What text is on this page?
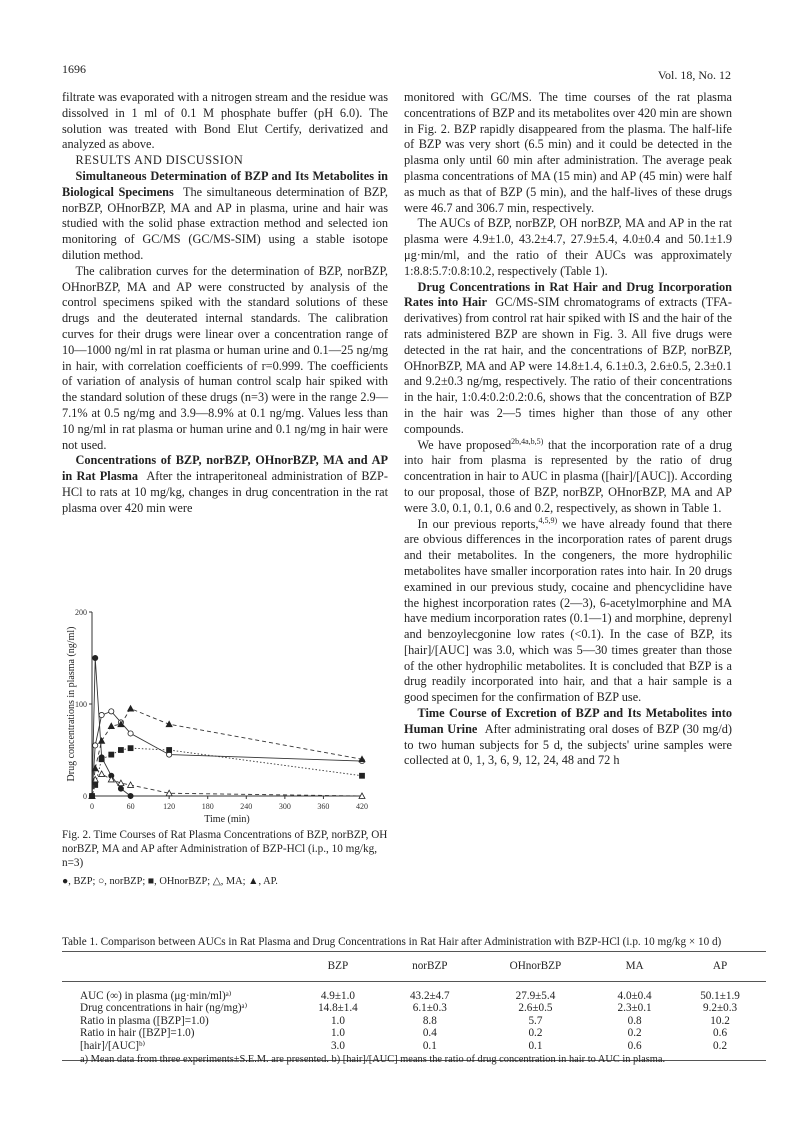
1696	Vol. 18, No. 12

filtrate was evaporated with a nitrogen stream and the residue was dissolved in 1 ml of 0.1 M phosphate buffer (pH 6.0). The solution was treated with Bond Elut Certify, derivatized and analyzed as above.

RESULTS AND DISCUSSION

Simultaneous Determination of BZP and Its Metabolites in Biological Specimens The simultaneous determination of BZP, norBZP, OHnorBZP, MA and AP in plasma, urine and hair was studied with the solid phase extraction method and selected ion monitoring of GC/MS (GC/MS-SIM) using a stable isotope dilution method.

The calibration curves for the determination of BZP, norBZP, OHnorBZP, MA and AP were constructed by analysis of the control specimens spiked with the standard solutions of these drugs and the deuterated internal standards. The calibration curves for their drugs were linear over a concentration range of 10—1000 ng/ml in rat plasma or human urine and 0.1—25 ng/mg in hair, with correlation coefficients of r=0.999. The coefficients of variation of analysis of human control scalp hair spiked with the standard solution of these drugs (n=3) were in the range 2.9—7.1% at 0.5 ng/mg and 3.9—8.9% at 0.1 ng/mg. Values less than 10 ng/ml in rat plasma or human urine and 0.1 ng/mg in hair were not used.

Concentrations of BZP, norBZP, OHnorBZP, MA and AP in Rat Plasma After the intraperitoneal administration of BZP-HCl to rats at 10 mg/kg, changes in drug concentration in the rat plasma over 420 min were

monitored with GC/MS. The time courses of the rat plasma concentrations of BZP and its metabolites over 420 min are shown in Fig. 2. BZP rapidly disappeared from the plasma. The half-life of BZP was very short (6.5 min) and it could be detected in the plasma only until 60 min after administration. The average peak plasma concentrations of MA (15 min) and AP (45 min) were half as much as that of BZP (5 min), and the half-lives of these drugs were 46.7 and 306.7 min, respectively.

The AUCs of BZP, norBZP, OH norBZP, MA and AP in the rat plasma were 4.9±1.0, 43.2±4.7, 27.9±5.4, 4.0±0.4 and 50.1±1.9 μg·min/ml, and the ratio of their AUCs was approximately 1:8.8:5.7:0.8:10.2, respectively (Table 1).

Drug Concentrations in Rat Hair and Drug Incorporation Rates into Hair GC/MS-SIM chromatograms of extracts (TFA-derivatives) from control rat hair spiked with IS and the hair of the rats administered BZP are shown in Fig. 3. All five drugs were detected in the rat hair, and the concentrations of BZP, norBZP, OHnorBZP, MA and AP were 14.8±1.4, 6.1±0.3, 2.6±0.5, 2.3±0.1 and 9.2±0.3 ng/mg, respectively. The ratio of their concentrations in the hair, 1:0.4:0.2:0.2:0.6, shows that the concentration of BZP in the hair was 2—5 times higher than those of any other compounds.

We have proposed$^{2b,4a,b,5)}$ that the incorporation rate of a drug into hair from plasma is represented by the ratio of drug concentration in hair to AUC in plasma ([hair]/[AUC]). According to our proposal, those of BZP, norBZP, OHnorBZP, MA and AP were 3.0, 0.1, 0.1, 0.6 and 0.2, respectively, as shown in Table 1.

In our previous reports,$^{4,5,9)}$ we have already found that there are obvious differences in the incorporation rates of parent drugs and their metabolites. In the congeners, the more hydrophilic metabolites have smaller incorporation rates into hair. In 20 drugs examined in our previous study, cocaine and phencyclidine have the highest incorporation rates (2—3), 6-acetylmorphine and MA have medium incorporation rates (0.1—1) and morphine, deprenyl and benzoylecgonine low rates (<0.1). In the case of BZP, its [hair]/[AUC] was 3.0, which was 5—30 times greater than those of the other hydrophilic metabolites. It is concluded that BZP is a drug readily incorporated into hair, and that a hair sample is a good specimen for the confirmation of BZP use.

Time Course of Excretion of BZP and Its Metabolites into Human Urine After administrating oral doses of BZP (30 mg/d) to two human subjects for 5 d, the subjects' urine samples were collected at 0, 1, 3, 6, 9, 12, 24, 48 and 72 h

0	60	120	180	240	300	360	420
0
100
200
Time (min)
Drug concentrations in plasma (ng/ml)
Fig. 2. Time Courses of Rat Plasma Concentrations of BZP, norBZP, OH norBZP, MA and AP after Administration of BZP-HCl (i.p., 10 mg/kg, n=3)
●, BZP; ○, norBZP; ■, OHnorBZP; △, MA; ▲, AP.
Table 1. Comparison between AUCs in Rat Plasma and Drug Concentrations in Rat Hair after Administration with BZP-HCl (i.p. 10 mg/kg × 10 d)
	BZP	norBZP	OHnorBZP	MA	AP
AUC (∞) in plasma (μg·min/ml)ᵃ⁾	4.9±1.0	43.2±4.7	27.9±5.4	4.0±0.4	50.1±1.9
Drug concentrations in hair (ng/mg)ᵃ⁾	14.8±1.4	6.1±0.3	2.6±0.5	2.3±0.1	9.2±0.3
Ratio in plasma ([BZP]=1.0)	1.0	8.8	5.7	0.8	10.2
Ratio in hair ([BZP]=1.0)	1.0	0.4	0.2	0.2	0.6
[hair]/[AUC]ᵇ⁾	3.0	0.1	0.1	0.6	0.2
a) Mean data from three experiments±S.E.M. are presented. b) [hair]/[AUC] means the ratio of drug concentration in hair to AUC in plasma.
